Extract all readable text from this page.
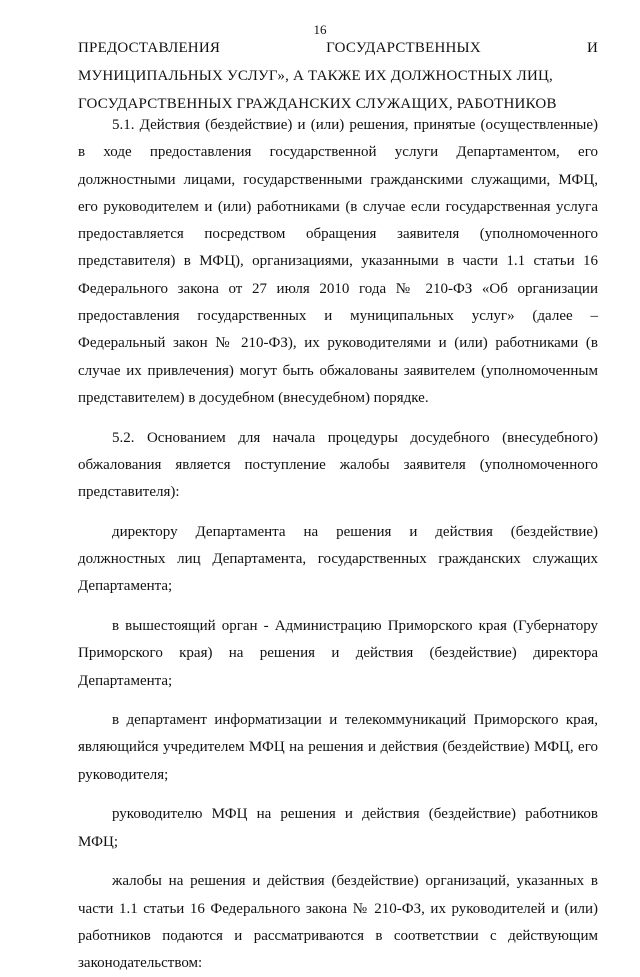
16
ПРЕДОСТАВЛЕНИЯ	ГОСУДАРСТВЕННЫХ	И
МУНИЦИПАЛЬНЫХ УСЛУГ», А ТАКЖЕ ИХ ДОЛЖНОСТНЫХ ЛИЦ,
ГОСУДАРСТВЕННЫХ ГРАЖДАНСКИХ СЛУЖАЩИХ, РАБОТНИКОВ

5.1. Действия (бездействие) и (или) решения, принятые (осуществленные) в ходе предоставления государственной услуги Департаментом, его должностными лицами, государственными гражданскими служащими, МФЦ, его руководителем и (или) работниками (в случае если государственная услуга предоставляется посредством обращения заявителя (уполномоченного представителя) в МФЦ), организациями, указанными в части 1.1 статьи 16 Федерального закона от 27 июля 2010 года № 210-ФЗ «Об организации предоставления государственных и муниципальных услуг» (далее – Федеральный закон № 210-ФЗ), их руководителями и (или) работниками (в случае их привлечения) могут быть обжалованы заявителем (уполномоченным представителем) в досудебном (внесудебном) порядке.

5.2. Основанием для начала процедуры досудебного (внесудебного) обжалования является поступление жалобы заявителя (уполномоченного представителя):

директору Департамента на решения и действия (бездействие) должностных лиц Департамента, государственных гражданских служащих Департамента;

в вышестоящий орган - Администрацию Приморского края (Губернатору Приморского края) на решения и действия (бездействие) директора Департамента;

в департамент информатизации и телекоммуникаций Приморского края, являющийся учредителем МФЦ на решения и действия (бездействие) МФЦ, его руководителя;

руководителю МФЦ на решения и действия (бездействие) работников МФЦ;

жалобы на решения и действия (бездействие) организаций, указанных в части 1.1 статьи 16 Федерального закона № 210-ФЗ, их руководителей и (или) работников подаются и рассматриваются в соответствии с действующим законодательством:
